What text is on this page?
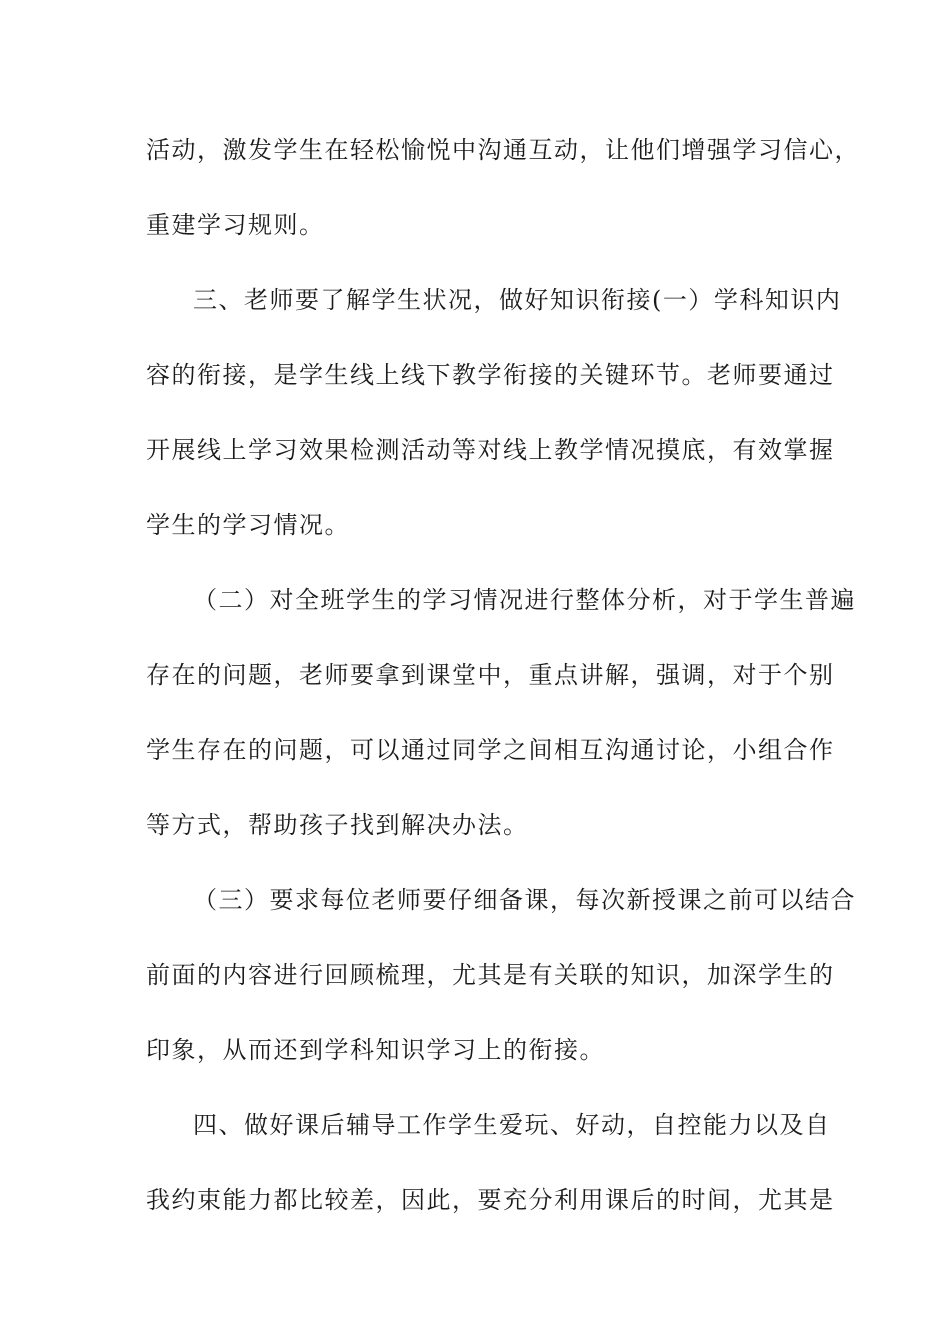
活动，激发学生在轻松愉悦中沟通互动，让他们增强学习信心，
重建学习规则。
三、老师要了解学生状况，做好知识衔接(一）学科知识内
容的衔接，是学生线上线下教学衔接的关键环节。老师要通过
开展线上学习效果检测活动等对线上教学情况摸底，有效掌握
学生的学习情况。
（二）对全班学生的学习情况进行整体分析，对于学生普遍
存在的问题，老师要拿到课堂中，重点讲解，强调，对于个别
学生存在的问题，可以通过同学之间相互沟通讨论，小组合作
等方式，帮助孩子找到解决办法。
（三）要求每位老师要仔细备课，每次新授课之前可以结合
前面的内容进行回顾梳理，尤其是有关联的知识，加深学生的
印象，从而还到学科知识学习上的衔接。
四、做好课后辅导工作学生爱玩、好动，自控能力以及自
我约束能力都比较差，因此，要充分利用课后的时间，尤其是
